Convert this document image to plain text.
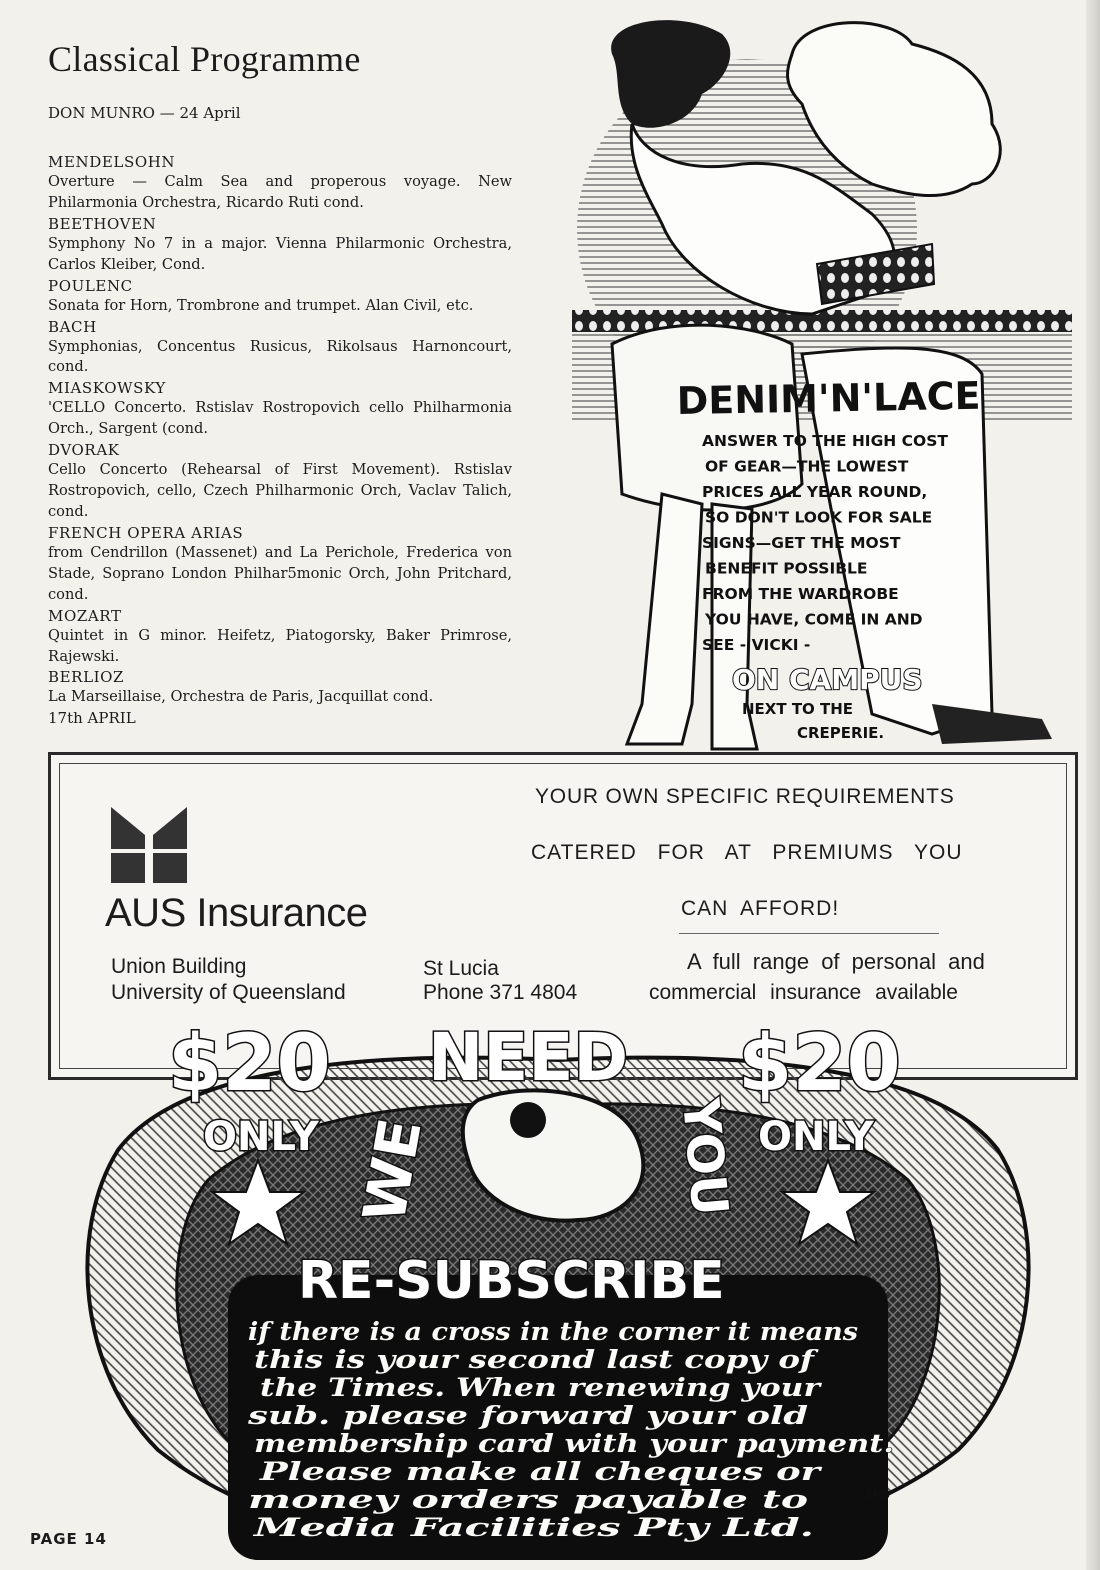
Classical Programme

DON MUNRO — 24 April

MENDELSOHN
Overture — Calm Sea and properous voyage. New Philarmonia Orchestra, Ricardo Ruti cond.
BEETHOVEN
Symphony No 7 in a major. Vienna Philarmonic Orchestra, Carlos Kleiber, Cond.
POULENC
Sonata for Horn, Trombrone and trumpet. Alan Civil, etc.
BACH
Symphonias, Concentus Rusicus, Rikolsaus Harnoncourt, cond.
MIASKOWSKY
'CELLO Concerto. Rstislav Rostropovich cello Philharmonia Orch., Sargent (cond.
DVORAK
Cello Concerto (Rehearsal of First Movement). Rstislav Rostropovich, cello, Czech Philharmonic Orch, Vaclav Talich, cond.
FRENCH OPERA ARIAS
from Cendrillon (Massenet) and La Perichole, Frederica von Stade, Soprano London Philhar5monic Orch, John Pritchard, cond.
MOZART
Quintet in G minor. Heifetz, Piatogorsky, Baker Primrose, Rajewski.
BERLIOZ
La Marseillaise, Orchestra de Paris, Jacquillat cond.
17th APRIL
DENIM'N'LACE
ANSWER TO THE HIGH COST
OF GEAR—THE LOWEST
PRICES ALL YEAR ROUND,
SO DON'T LOOK FOR SALE
SIGNS—GET THE MOST
BENEFIT POSSIBLE
FROM THE WARDROBE
YOU HAVE, COME IN AND
SEE - VICKI -
ON CAMPUS
NEXT TO THE
CREPERIE.
AUS Insurance
Union Building
University of Queensland
St Lucia
Phone 371 4804
YOUR OWN SPECIFIC REQUIREMENTS
CATERED FOR AT PREMIUMS YOU
CAN AFFORD!
A full range of personal and
commercial insurance available
$20
ONLY
NEED
WE	YOU
$20
ONLY
RE-SUBSCRIBE
if there is a cross in the corner it means
this is your second last copy of
the Times. When renewing your
sub. please forward your old
membership card with your payment.
Please make all cheques or
money orders payable to
Media Facilities Pty Ltd.
EMB
PAGE 14
